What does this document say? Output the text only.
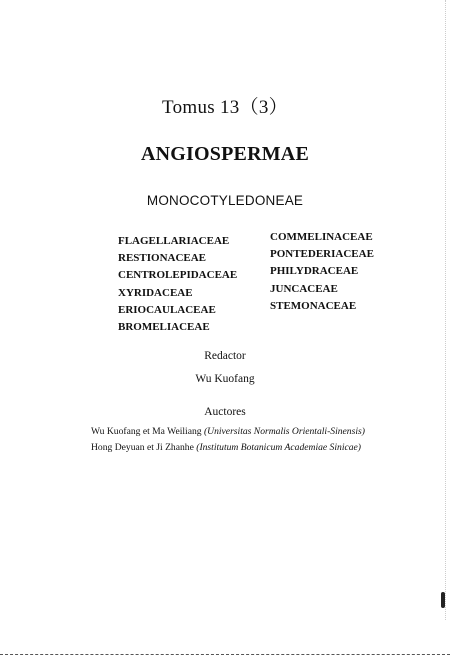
Tomus 13（3）
ANGIOSPERMAE
MONOCOTYLEDONEAE
FLAGELLARIACEAE
RESTIONACEAE
CENTROLEPIDACEAE
XYRIDACEAE
ERIOCAULACEAE
BROMELIACEAE
COMMELINACEAE
PONTEDERIACEAE
PHILYDRACEAE
JUNCACEAE
STEMONACEAE
Redactor
Wu Kuofang
Auctores
Wu Kuofang et Ma Weiliang (Universitas Normalis Orientali-Sinensis)
Hong Deyuan et Ji Zhanhe (Institutum Botanicum Academiae Sinicae)
